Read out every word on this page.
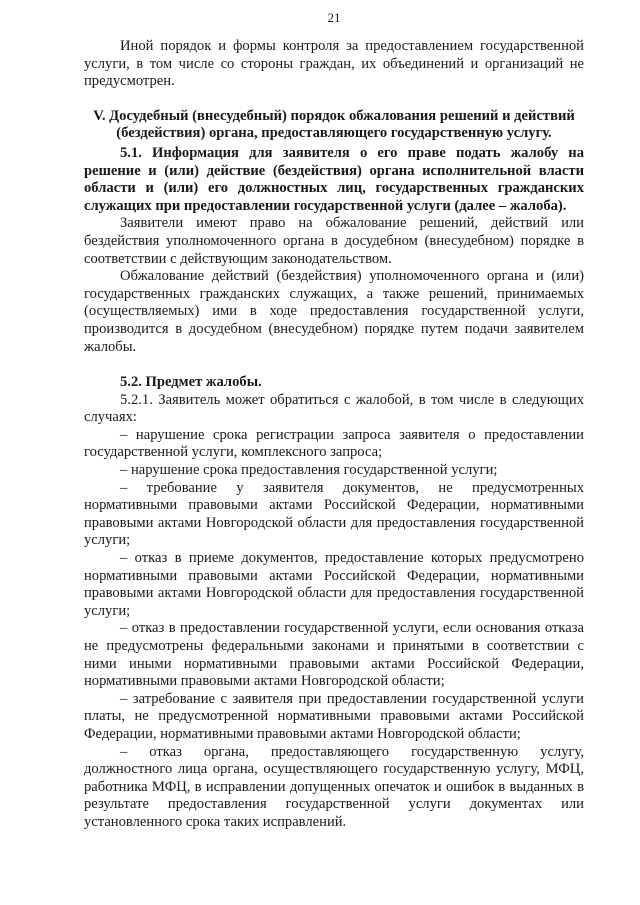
21

Иной порядок и формы контроля за предоставлением государственной услуги, в том числе со стороны граждан, их объединений и организаций не предусмотрен.

V. Досудебный (внесудебный) порядок обжалования решений и действий (бездействия) органа, предоставляющего государственную услугу.

5.1. Информация для заявителя о его праве подать жалобу на решение и (или) действие (бездействия) органа исполнительной власти области и (или) его должностных лиц, государственных гражданских служащих при предоставлении государственной услуги (далее – жалоба).

Заявители имеют право на обжалование решений, действий или бездействия уполномоченного органа в досудебном (внесудебном) порядке в соответствии с действующим законодательством.

Обжалование действий (бездействия) уполномоченного органа и (или) государственных гражданских служащих, а также решений, принимаемых (осуществляемых) ими в ходе предоставления государственной услуги, производится в досудебном (внесудебном) порядке путем подачи заявителем жалобы.

5.2. Предмет жалобы.

5.2.1. Заявитель может обратиться с жалобой, в том числе в следующих случаях:

– нарушение срока регистрации запроса заявителя о предоставлении государственной услуги, комплексного запроса;

– нарушение срока предоставления государственной услуги;

– требование у заявителя документов, не предусмотренных нормативными правовыми актами Российской Федерации, нормативными правовыми актами Новгородской области для предоставления государственной услуги;

– отказ в приеме документов, предоставление которых предусмотрено нормативными правовыми актами Российской Федерации, нормативными правовыми актами Новгородской области для предоставления государственной услуги;

– отказ в предоставлении государственной услуги, если основания отказа не предусмотрены федеральными законами и принятыми в соответствии с ними иными нормативными правовыми актами Российской Федерации, нормативными правовыми актами Новгородской области;

– затребование с заявителя при предоставлении государственной услуги платы, не предусмотренной нормативными правовыми актами Российской Федерации, нормативными правовыми актами Новгородской области;

– отказ органа, предоставляющего государственную услугу, должностного лица органа, осуществляющего государственную услугу, МФЦ, работника МФЦ, в исправлении допущенных опечаток и ошибок в выданных в результате предоставления государственной услуги документах или установленного срока таких исправлений.
